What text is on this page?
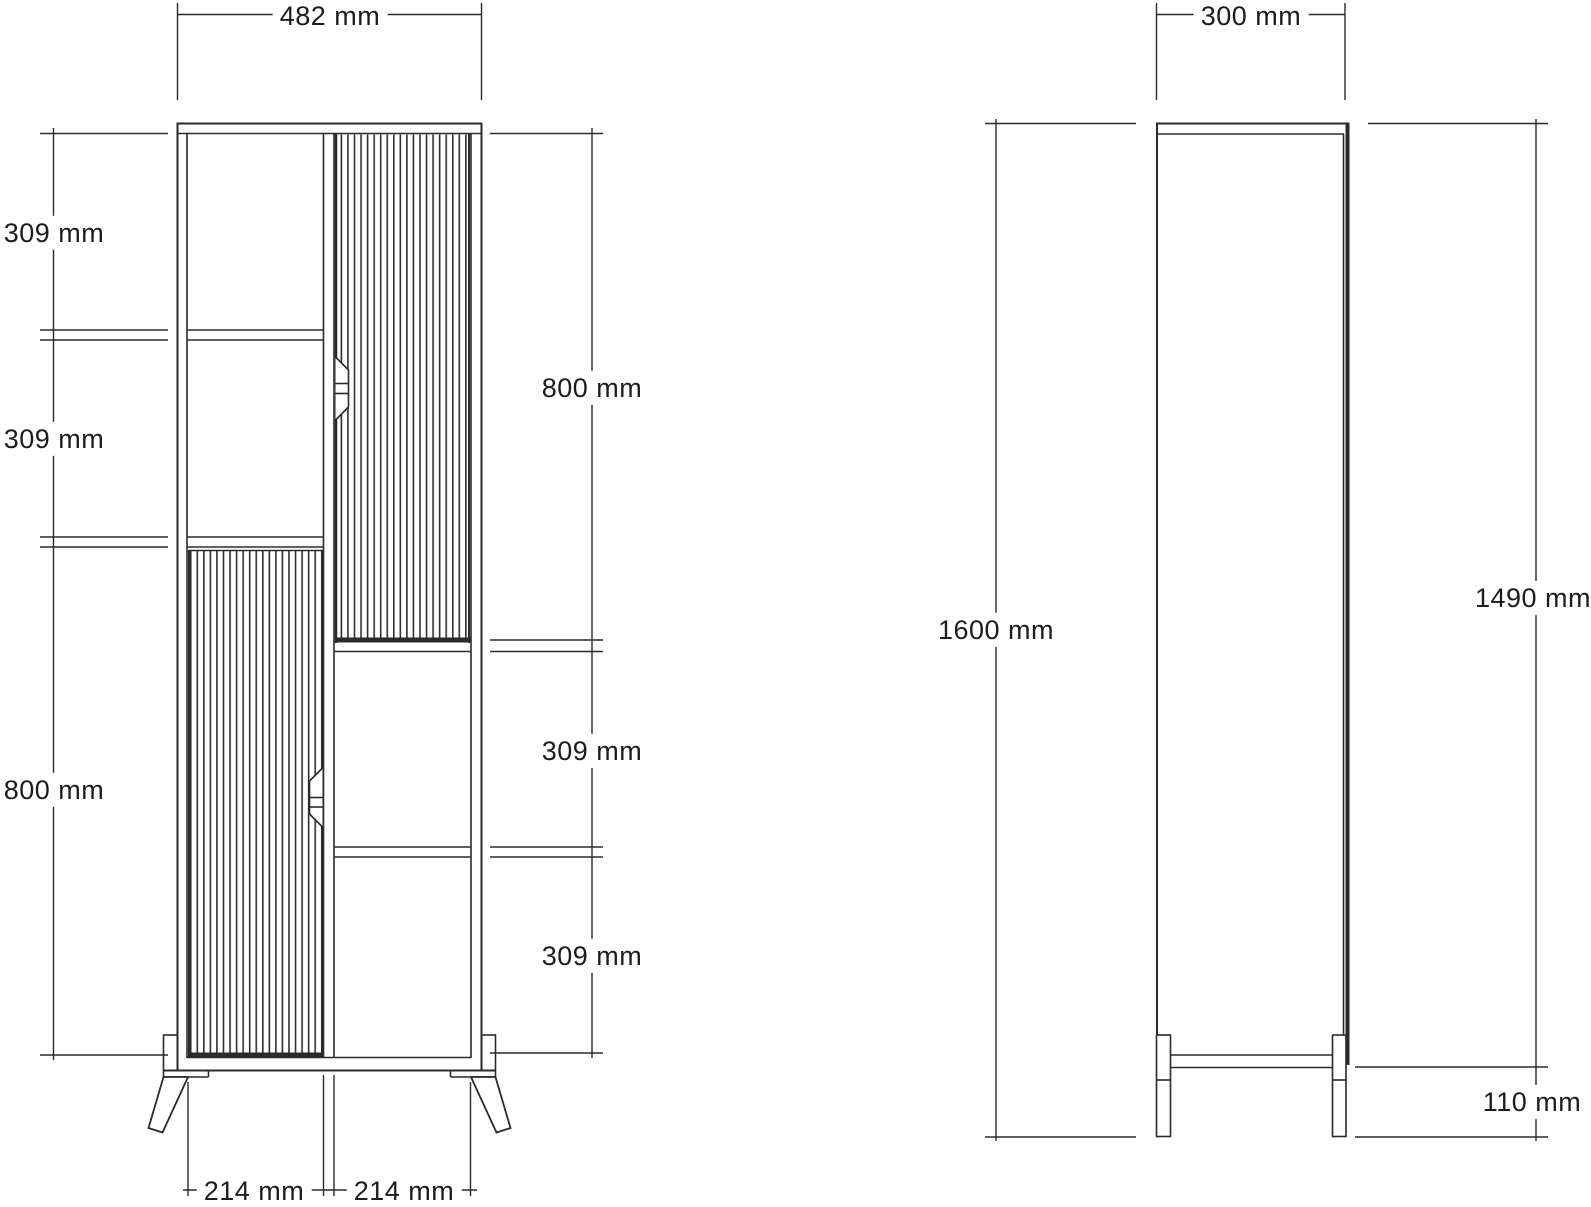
482 mm
309 mm
309 mm
800 mm
800 mm
309 mm
309 mm
214 mm 214 mm
300 mm
1600 mm
1490 mm
110 mm
